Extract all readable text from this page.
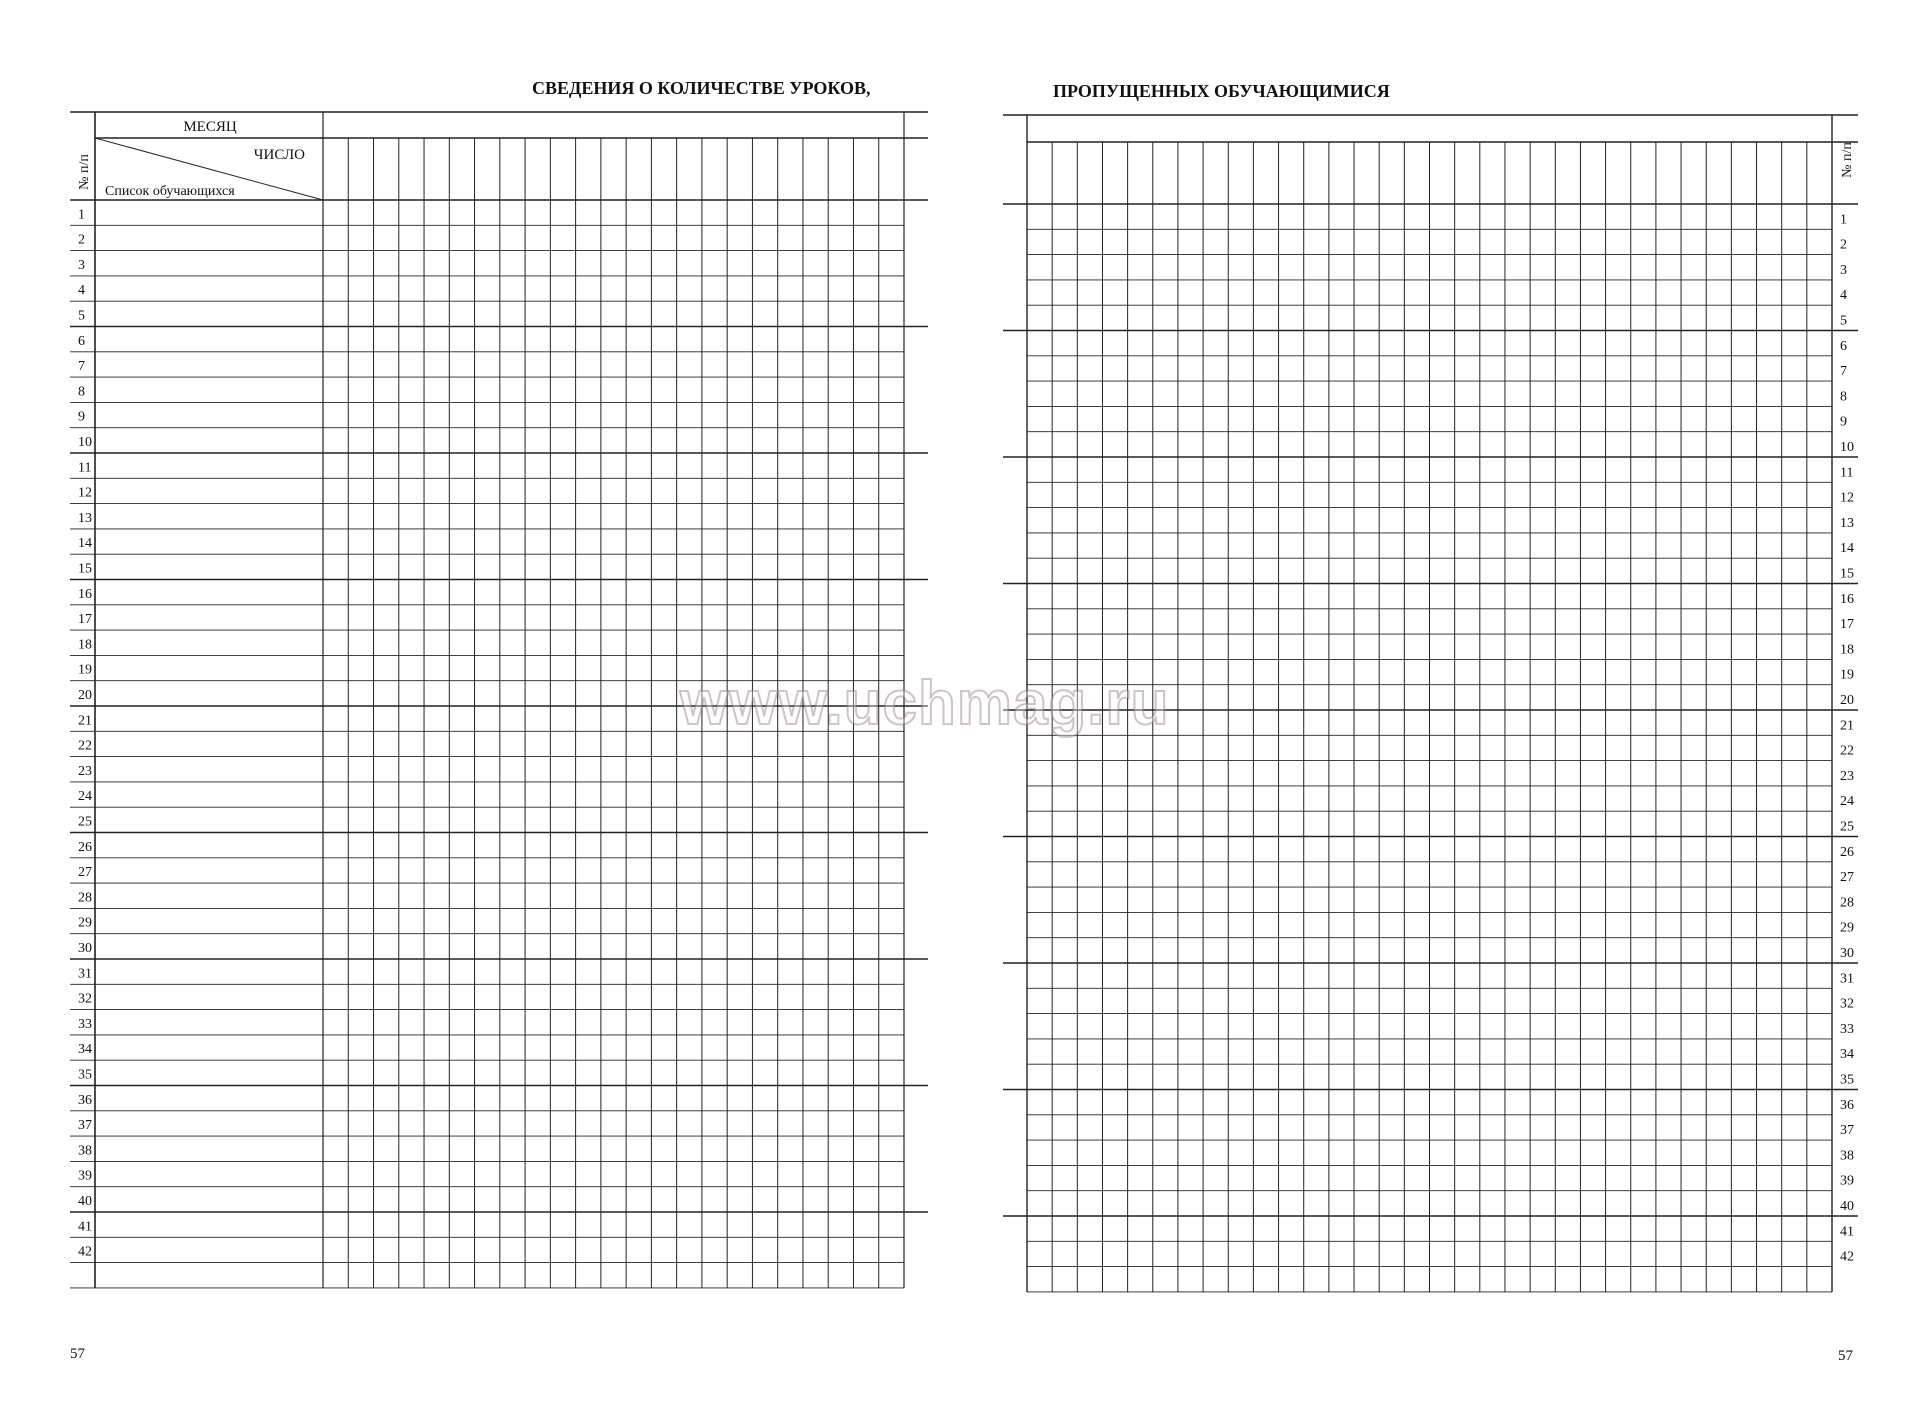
СВЕДЕНИЯ О КОЛИЧЕСТВЕ УРОКОВ,	ПРОПУЩЕННЫХ ОБУЧАЮЩИМИСЯ
1
2
3
4
5
6
7
8
9
10
11
12
13
14
15
16
17
18
19
20
21
22
23
24
25
26
27
28
29
30
31
32
33
34
35
36
37
38
39
40
41
42
МЕСЯЦ
ЧИСЛО
Список обучающихся
№ п/п
1
2
3
4
5
6
7
8
9
10
11
12
13
14
15
16
17
18
19
20
21
22
23
24
25
26
27
28
29
30
31
32
33
34
35
36
37
38
39
40
41
42
№ п/п
www.uchmag.ru
57	57
